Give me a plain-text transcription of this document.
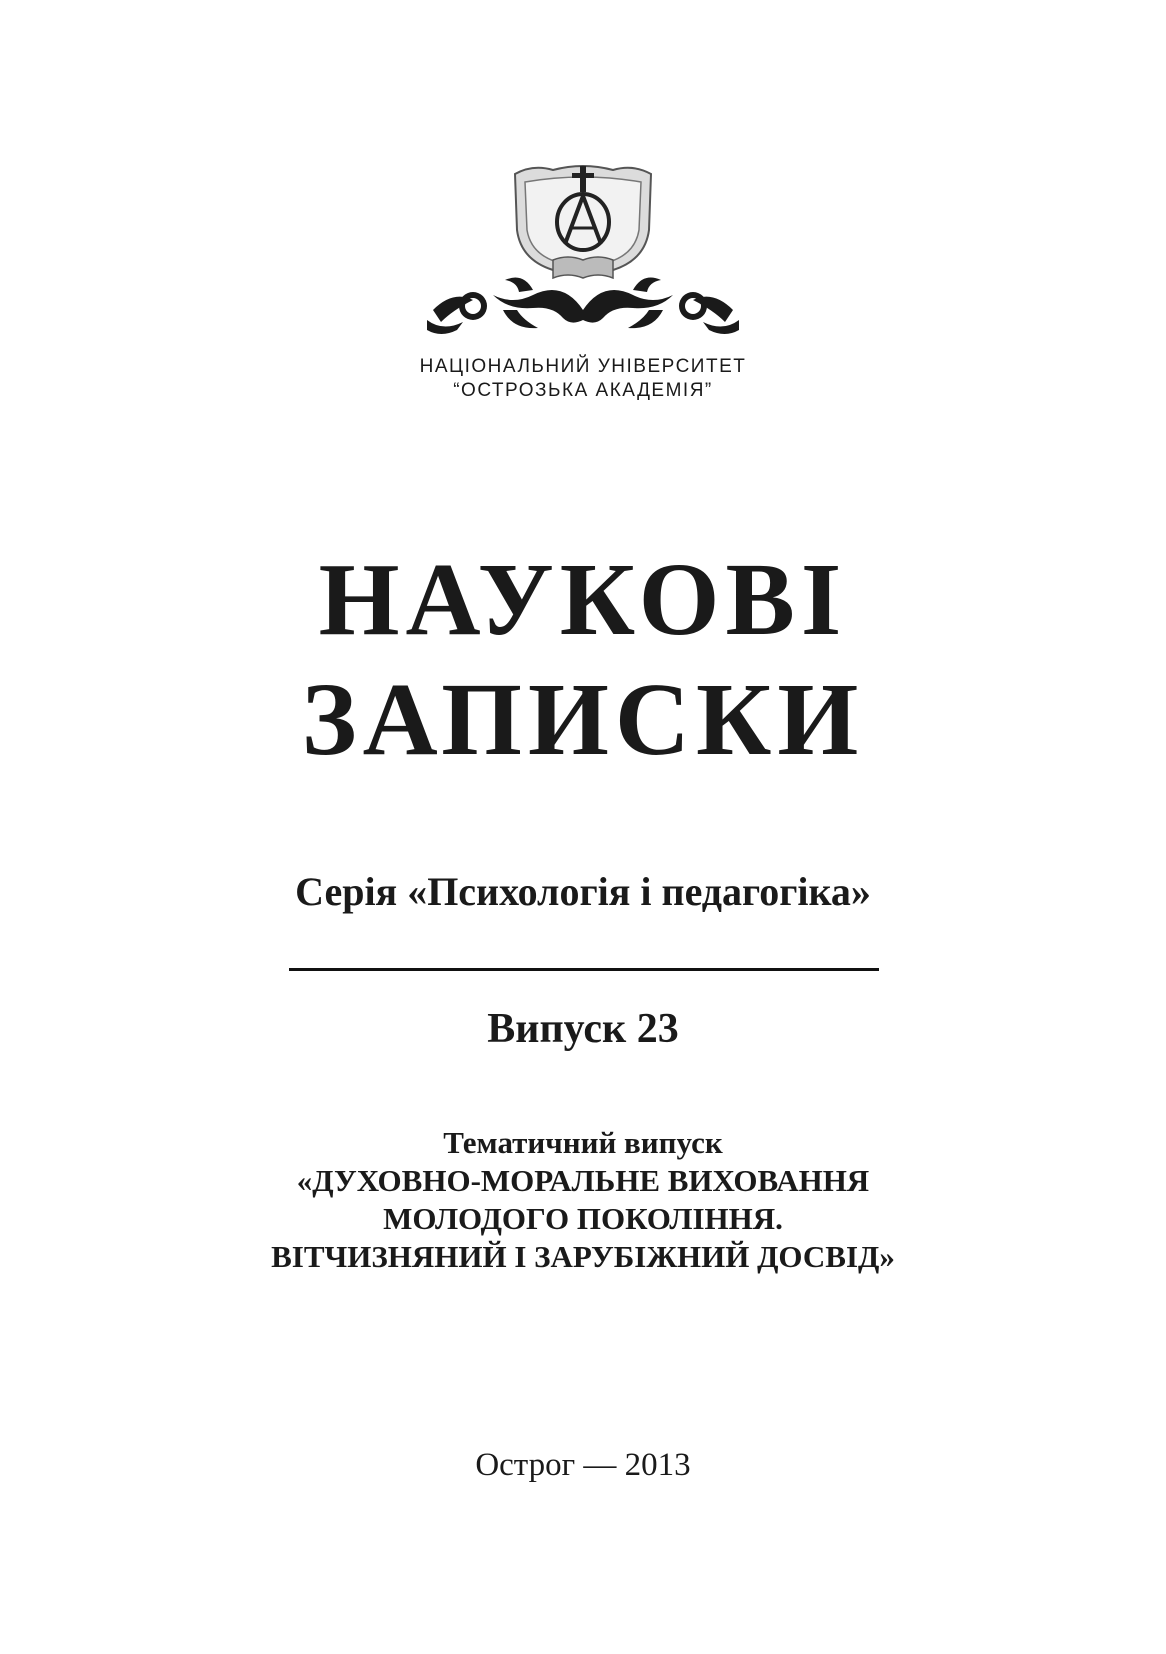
НАЦІОНАЛЬНИЙ УНІВЕРСИТЕТ
“ОСТРОЗЬКА АКАДЕМІЯ”
НАУКОВІ
ЗАПИСКИ
Серія «Психологія і педагогіка»
Випуск 23
Тематичний випуск
«ДУХОВНО-МОРАЛЬНЕ ВИХОВАННЯ
МОЛОДОГО ПОКОЛІННЯ.
ВІТЧИЗНЯНИЙ І ЗАРУБІЖНИЙ ДОСВІД»
Острог — 2013
